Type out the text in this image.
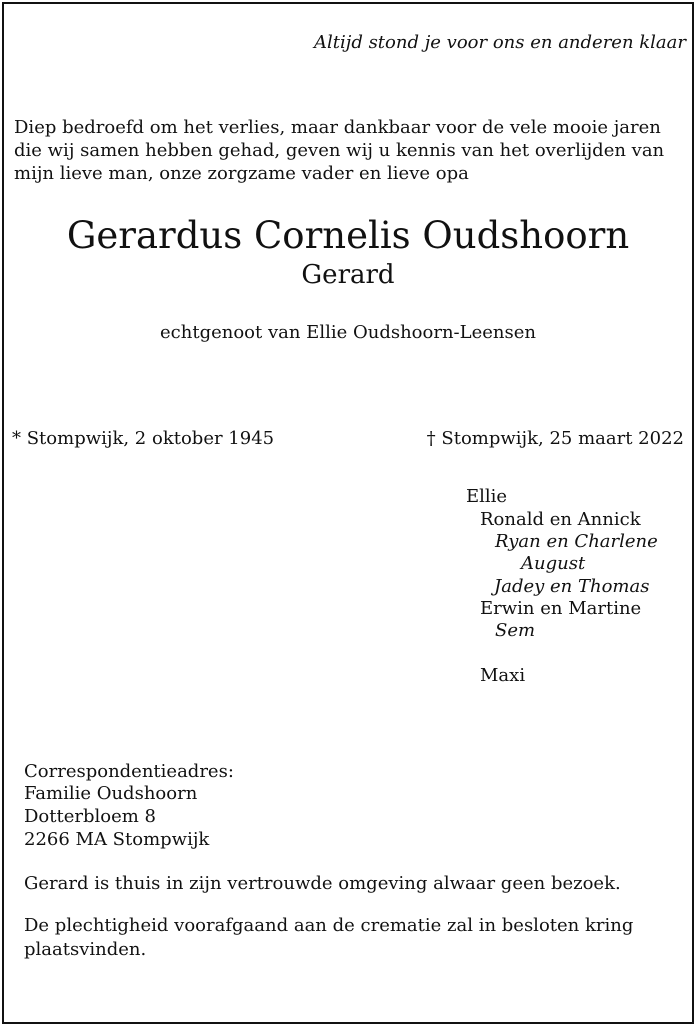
Altijd stond je voor ons en anderen klaar
Diep bedroefd om het verlies, maar dankbaar voor de vele mooie jaren die wij samen hebben gehad, geven wij u kennis van het overlijden van mijn lieve man, onze zorgzame vader en lieve opa
Gerardus Cornelis Oudshoorn
Gerard
echtgenoot van Ellie Oudshoorn-Leensen
* Stompwijk, 2 oktober 1945	† Stompwijk, 25 maart 2022
Ellie
Ronald en Annick
Ryan en Charlene
August
Jadey en Thomas
Erwin en Martine
Sem
Maxi
Correspondentieadres:
Familie Oudshoorn
Dotterbloem 8
2266 MA Stompwijk
Gerard is thuis in zijn vertrouwde omgeving alwaar geen bezoek.
De plechtigheid voorafgaand aan de crematie zal in besloten kring plaatsvinden.
